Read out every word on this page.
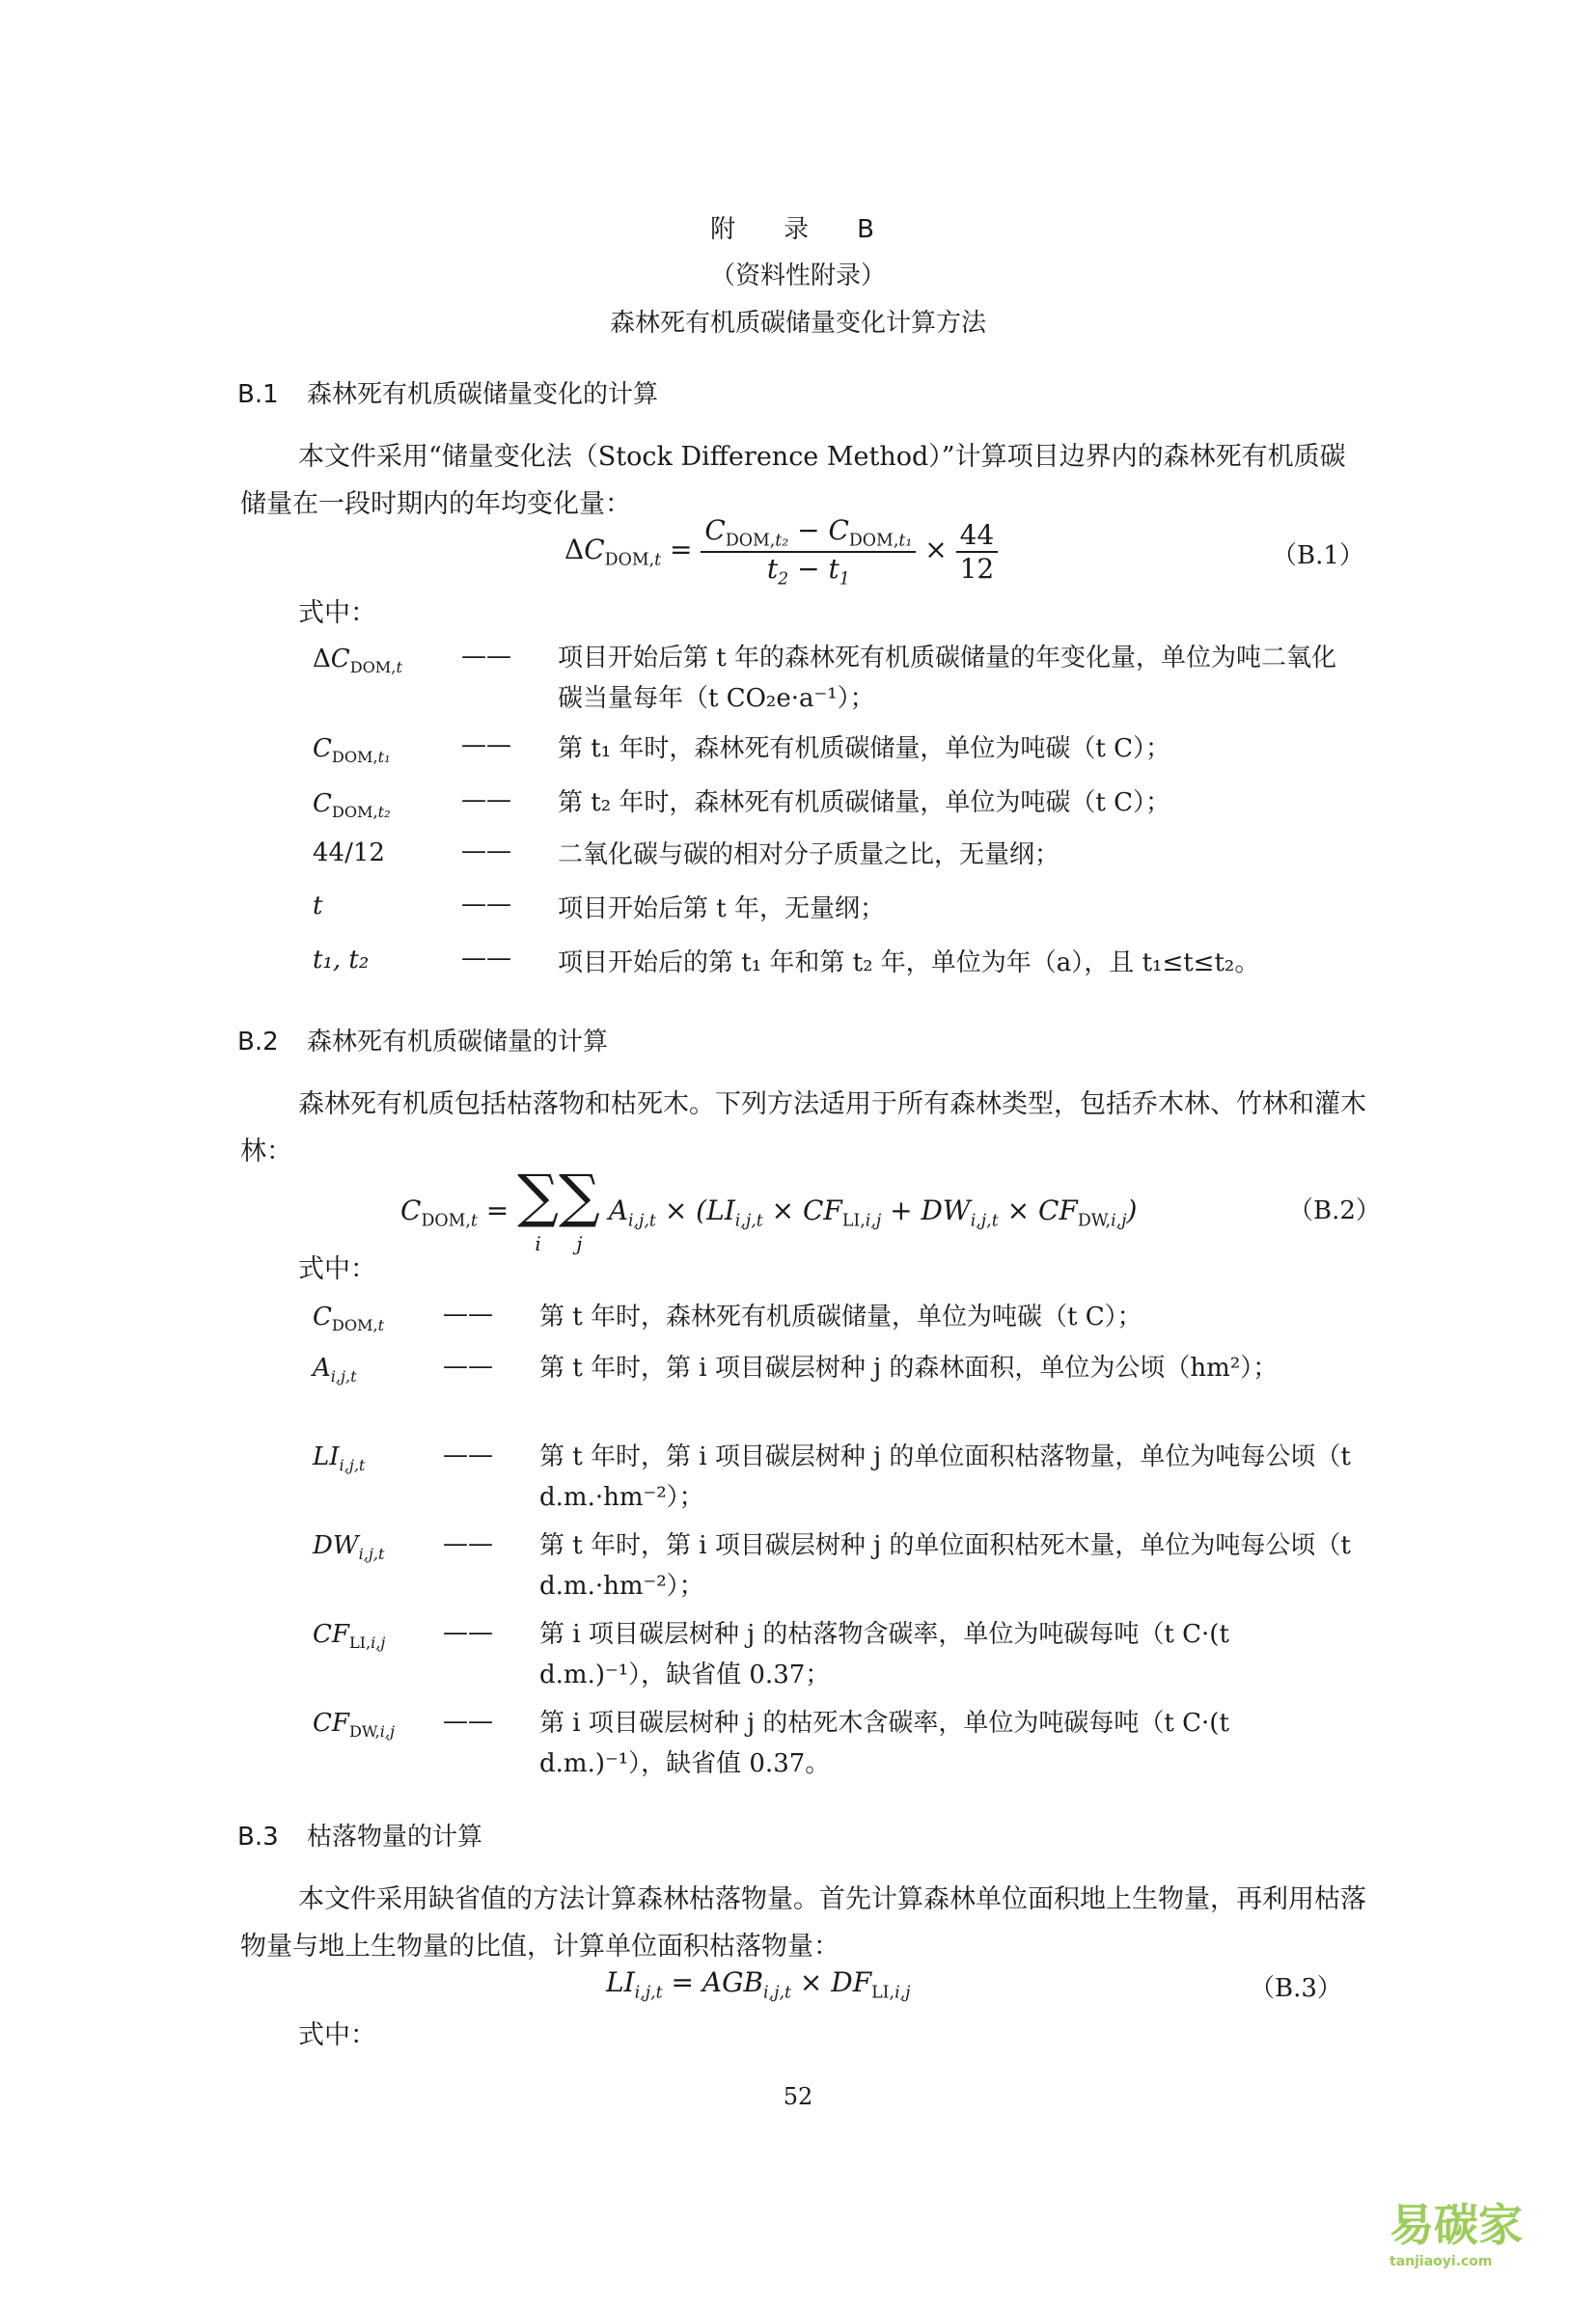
附　录　B
（资料性附录）
森林死有机质碳储量变化计算方法
B.1 森林死有机质碳储量变化的计算

本文件采用“储量变化法（Stock Difference Method）”计算项目边界内的森林死有机质碳储量在一段时期内的年均变化量：

$\Delta C_{DOM,t} = \frac{C_{DOM,t_2} - C_{DOM,t_1}}{t_2 - t_1} \times \frac{44}{12}$	（B.1）
式中：
$\Delta C_{DOM,t}$ —— 项目开始后第 t 年的森林死有机质碳储量的年变化量，单位为吨二氧化碳当量每年（t CO₂e·a⁻¹）；
$C_{DOM,t_1}$	—— 第 t₁ 年时，森林死有机质碳储量，单位为吨碳（t C）；
$C_{DOM,t_2}$	—— 第 t₂ 年时，森林死有机质碳储量，单位为吨碳（t C）；
44/12	—— 二氧化碳与碳的相对分子质量之比，无量纲；
t	—— 项目开始后第 t 年，无量纲；
t₁, t₂	—— 项目开始后的第 t₁ 年和第 t₂ 年，单位为年（a），且 t₁≤t≤t₂。
B.2 森林死有机质碳储量的计算

森林死有机质包括枯落物和枯死木。下列方法适用于所有森林类型，包括乔木林、竹林和灌木林：

$C_{DOM,t}$ = ∑
i∑
j $A_{i,j,t} \times (LI_{i,j,t} \times CF_{LI,i,j} + DW_{i,j,t} \times CF_{DW,i,j})$	（B.2）
式中：
$C_{DOM,t}$ —— 第 t 年时，森林死有机质碳储量，单位为吨碳（t C）；
$A_{i,j,t}$	—— 第 t 年时，第 i 项目碳层树种 j 的森林面积，单位为公顷（hm²）；
$LI_{i,j,t}$	—— 第 t 年时，第 i 项目碳层树种 j 的单位面积枯落物量，单位为吨每公顷（t d.m.·hm⁻²）；
$DW_{i,j,t}$ —— 第 t 年时，第 i 项目碳层树种 j 的单位面积枯死木量，单位为吨每公顷（t d.m.·hm⁻²）；
$CF_{LI,i,j}$ —— 第 i 项目碳层树种 j 的枯落物含碳率，单位为吨碳每吨（t C·(t d.m.)⁻¹），缺省值 0.37；
$CF_{DW,i,j}$ —— 第 i 项目碳层树种 j 的枯死木含碳率，单位为吨碳每吨（t C·(t d.m.)⁻¹），缺省值 0.37。
B.3 枯落物量的计算

本文件采用缺省值的方法计算森林枯落物量。首先计算森林单位面积地上生物量，再利用枯落物量与地上生物量的比值，计算单位面积枯落物量：

$LI_{i,j,t} = AGB_{i,j,t} \times DF_{LI,i,j}$	（B.3）
式中：
52
易碳家$^{tanjiaoyi.com}$
